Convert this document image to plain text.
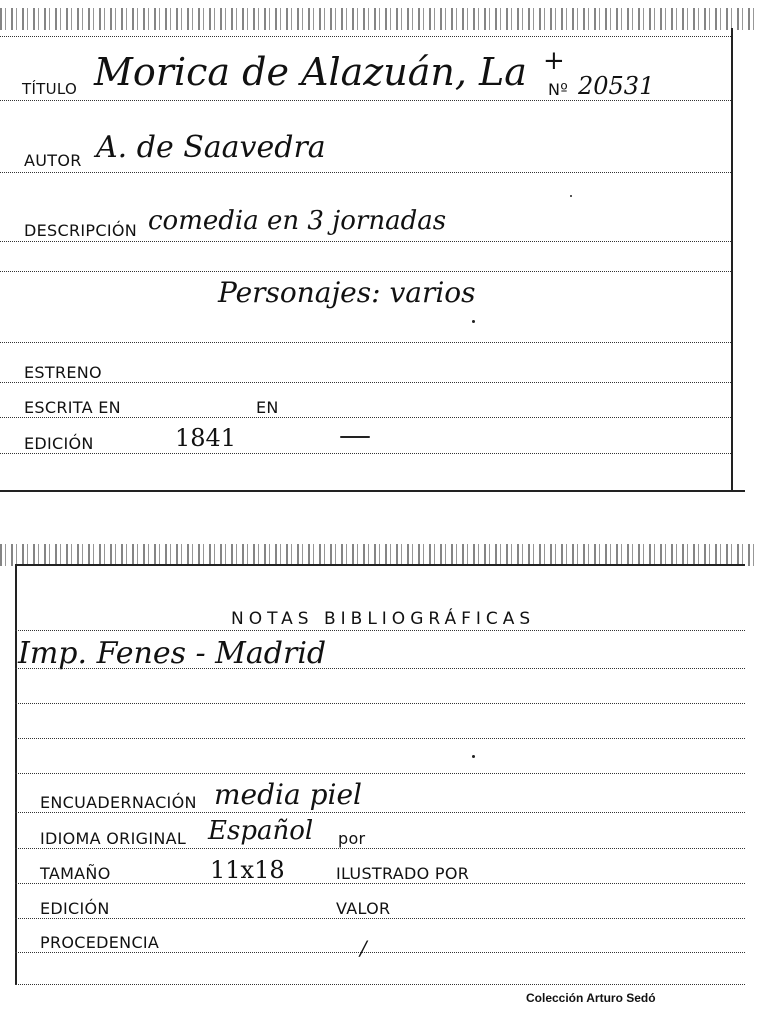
TÍTULO Morica de Alazuán, La +
Nº 20531
AUTOR A. de Saavedra
DESCRIPCIÓN comedia en 3 jornadas
Personajes: varios
ESTRENO
ESCRITA EN	EN
EDICIÓN	1841
NOTAS BIBLIOGRÁFICAS
Imp. Fenes - Madrid
ENCUADERNACIÓN media piel
IDIOMA ORIGINAL Español por
TAMAÑO	11x18	ILUSTRADO POR
EDICIÓN	VALOR
PROCEDENCIA	/
Colección Arturo Sedó
